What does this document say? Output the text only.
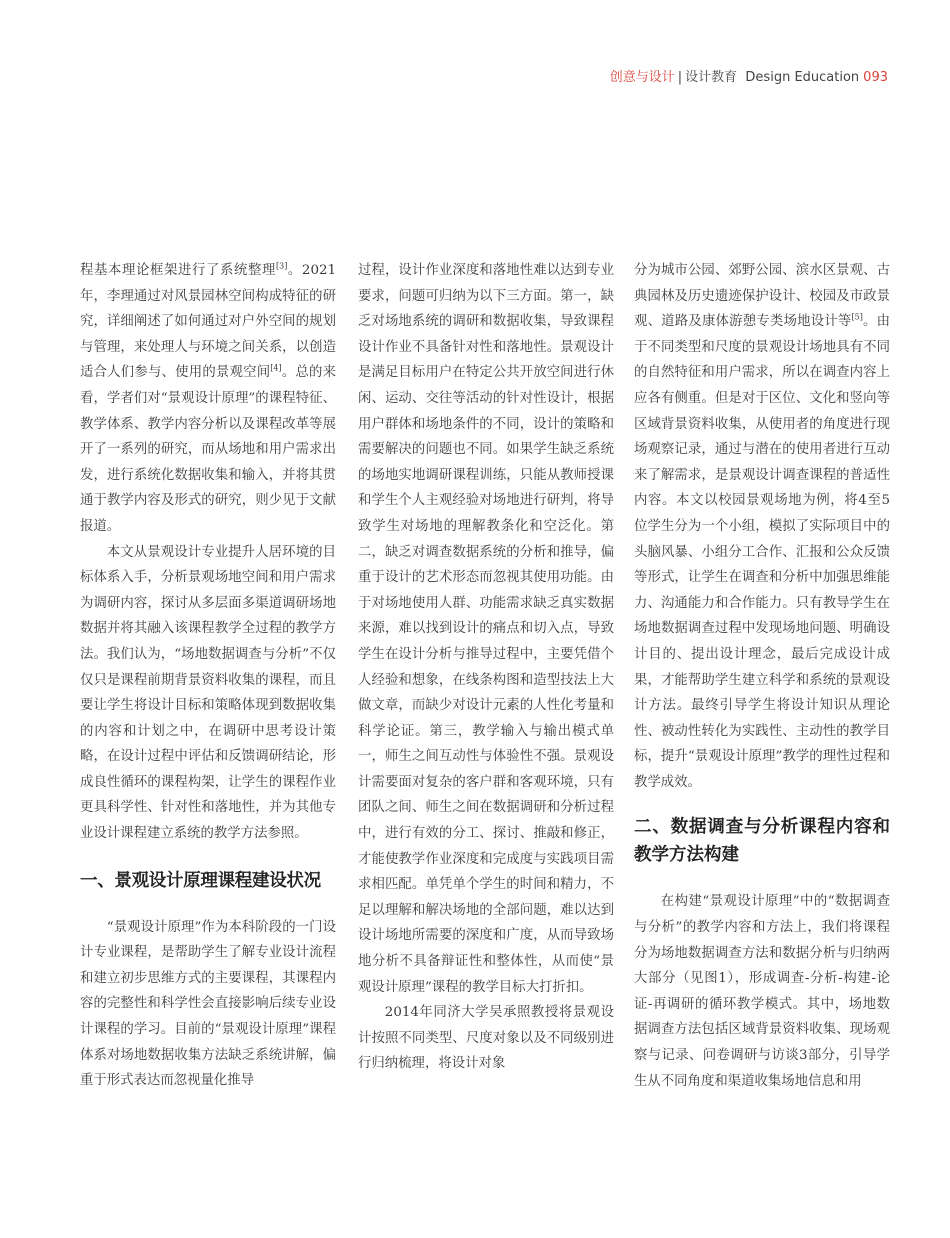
创意与设计 | 设计教育 Design Education 093

程基本理论框架进行了系统整理[3]。2021年，李理通过对风景园林空间构成特征的研究，详细阐述了如何通过对户外空间的规划与管理，来处理人与环境之间关系，以创造适合人们参与、使用的景观空间[4]。总的来看，学者们对“景观设计原理”的课程特征、教学体系、教学内容分析以及课程改革等展开了一系列的研究，而从场地和用户需求出发，进行系统化数据收集和输入，并将其贯通于教学内容及形式的研究，则少见于文献报道。

本文从景观设计专业提升人居环境的目标体系入手，分析景观场地空间和用户需求为调研内容，探讨从多层面多渠道调研场地数据并将其融入该课程教学全过程的教学方法。我们认为，“场地数据调查与分析”不仅仅只是课程前期背景资料收集的课程，而且要让学生将设计目标和策略体现到数据收集的内容和计划之中，在调研中思考设计策略，在设计过程中评估和反馈调研结论，形成良性循环的课程构架，让学生的课程作业更具科学性、针对性和落地性，并为其他专业设计课程建立系统的教学方法参照。

一、景观设计原理课程建设状况

“景观设计原理”作为本科阶段的一门设计专业课程，是帮助学生了解专业设计流程和建立初步思维方式的主要课程，其课程内容的完整性和科学性会直接影响后续专业设计课程的学习。目前的“景观设计原理”课程体系对场地数据收集方法缺乏系统讲解，偏重于形式表达而忽视量化推导

过程，设计作业深度和落地性难以达到专业要求，问题可归纳为以下三方面。第一，缺乏对场地系统的调研和数据收集，导致课程设计作业不具备针对性和落地性。景观设计是满足目标用户在特定公共开放空间进行休闲、运动、交往等活动的针对性设计，根据用户群体和场地条件的不同，设计的策略和需要解决的问题也不同。如果学生缺乏系统的场地实地调研课程训练，只能从教师授课和学生个人主观经验对场地进行研判，将导致学生对场地的理解教条化和空泛化。第二，缺乏对调查数据系统的分析和推导，偏重于设计的艺术形态而忽视其使用功能。由于对场地使用人群、功能需求缺乏真实数据来源，难以找到设计的痛点和切入点，导致学生在设计分析与推导过程中，主要凭借个人经验和想象，在线条构图和造型技法上大做文章，而缺少对设计元素的人性化考量和科学论证。第三，教学输入与输出模式单一，师生之间互动性与体验性不强。景观设计需要面对复杂的客户群和客观环境，只有团队之间、师生之间在数据调研和分析过程中，进行有效的分工、探讨、推敲和修正，才能使教学作业深度和完成度与实践项目需求相匹配。单凭单个学生的时间和精力，不足以理解和解决场地的全部问题，难以达到设计场地所需要的深度和广度，从而导致场地分析不具备辩证性和整体性，从而使“景观设计原理”课程的教学目标大打折扣。

2014年同济大学吴承照教授将景观设计按照不同类型、尺度对象以及不同级别进行归纳梳理，将设计对象

分为城市公园、郊野公园、滨水区景观、古典园林及历史遗迹保护设计、校园及市政景观、道路及康体游憩专类场地设计等[5]。由于不同类型和尺度的景观设计场地具有不同的自然特征和用户需求，所以在调查内容上应各有侧重。但是对于区位、文化和竖向等区域背景资料收集，从使用者的角度进行现场观察记录，通过与潜在的使用者进行互动来了解需求，是景观设计调查课程的普适性内容。本文以校园景观场地为例，将4至5位学生分为一个小组，模拟了实际项目中的头脑风暴、小组分工合作、汇报和公众反馈等形式，让学生在调查和分析中加强思维能力、沟通能力和合作能力。只有教导学生在场地数据调查过程中发现场地问题、明确设计目的、提出设计理念，最后完成设计成果，才能帮助学生建立科学和系统的景观设计方法。最终引导学生将设计知识从理论性、被动性转化为实践性、主动性的教学目标，提升“景观设计原理”教学的理性过程和教学成效。

二、数据调查与分析课程内容和教学方法构建

在构建“景观设计原理”中的“数据调查与分析”的教学内容和方法上，我们将课程分为场地数据调查方法和数据分析与归纳两大部分（见图1），形成调查-分析-构建-论证-再调研的循环教学模式。其中，场地数据调查方法包括区域背景资料收集、现场观察与记录、问卷调研与访谈3部分，引导学生从不同角度和渠道收集场地信息和用
